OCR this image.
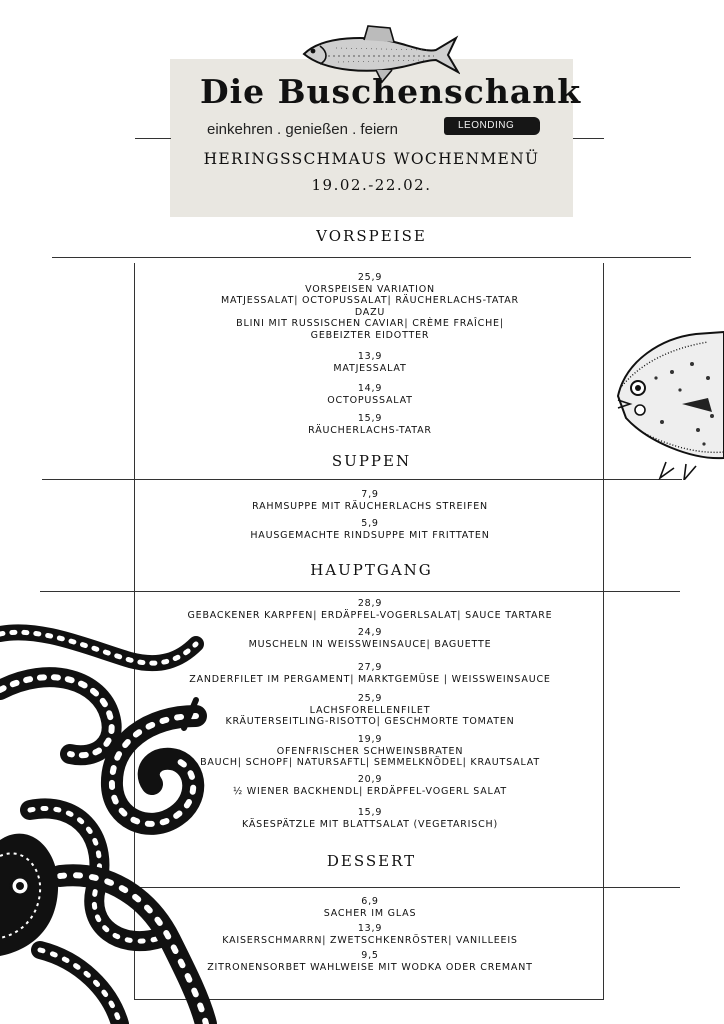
Die Buschenschank
einkehren . genießen . feiern	LEONDING
HERINGSSCHMAUS WOCHENMENÜ
19.02.-22.02.
VORSPEISE
25,9
VORSPEISEN VARIATION
MATJESSALAT| OCTOPUSSALAT| RÄUCHERLACHS-TATAR
DAZU
BLINI MIT RUSSISCHEN CAVIAR| CRÈME FRAÎCHE|
GEBEIZTER EIDOTTER
13,9
MATJESSALAT
14,9
OCTOPUSSALAT
15,9
RÄUCHERLACHS-TATAR
SUPPEN
7,9
RAHMSUPPE MIT RÄUCHERLACHS STREIFEN
5,9
HAUSGEMACHTE RINDSUPPE MIT FRITTATEN
HAUPTGANG
28,9
GEBACKENER KARPFEN| ERDÄPFEL-VOGERLSALAT| SAUCE TARTARE
24,9
MUSCHELN IN WEISSWEINSAUCE| BAGUETTE
27,9
ZANDERFILET IM PERGAMENT| MARKTGEMÜSE | WEISSWEINSAUCE
25,9
LACHSFORELLENFILET
KRÄUTERSEITLING-RISOTTO| GESCHMORTE TOMATEN
19,9
OFENFRISCHER SCHWEINSBRATEN
BAUCH| SCHOPF| NATURSAFTL| SEMMELKNÖDEL| KRAUTSALAT
20,9
½ WIENER BACKHENDL| ERDÄPFEL-VOGERL SALAT
15,9
KÄSESPÄTZLE MIT BLATTSALAT (VEGETARISCH)
DESSERT
6,9
SACHER IM GLAS
13,9
KAISERSCHMARRN| ZWETSCHKENRÖSTER| VANILLEEIS
9,5
ZITRONENSORBET WAHLWEISE MIT WODKA ODER CREMANT
